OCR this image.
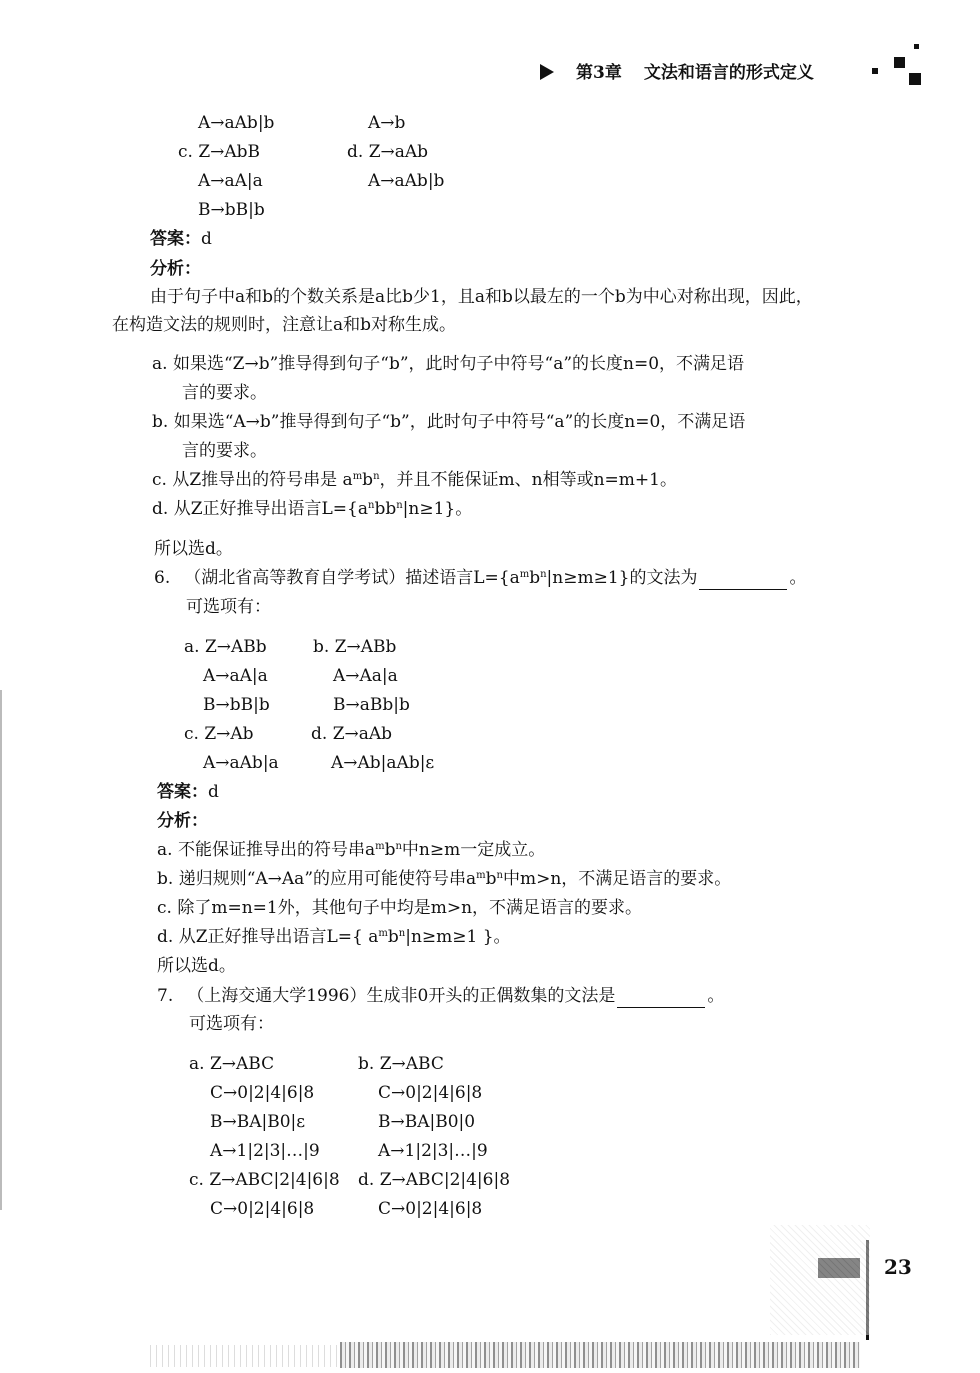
第3章 文法和语言的形式定义
A→aAb|b	A→b
c. Z→AbB	d. Z→aAb
A→aA|a	A→aAb|b
B→bB|b
答案：d
分析：
由于句子中a和b的个数关系是a比b少1，且a和b以最左的一个b为中心对称出现，因此，
在构造文法的规则时，注意让a和b对称生成。
a. 如果选“Z→b”推导得到句子“b”，此时句子中符号“a”的长度n=0，不满足语
言的要求。
b. 如果选“A→b”推导得到句子“b”，此时句子中符号“a”的长度n=0，不满足语
言的要求。
c. 从Z推导出的符号串是 $a^mb^n$，并且不能保证m、n相等或n=m+1。
d. 从Z正好推导出语言$L=\{a^nbb^n|n\ge 1\}$。
所以选d。
6. （湖北省高等教育自学考试）描述语言$L=\{a^mb^n|n\ge m\ge 1\}$的文法为	。
可选项有：
a. Z→ABb	b. Z→ABb
A→aA|a	A→Aa|a
B→bB|b	B→aBb|b
c. Z→Ab	d. Z→aAb
A→aAb|a	A→Ab|aAb|ε
答案：d
分析：
a. 不能保证推导出的符号串$a^mb^n$中n≥m一定成立。
b. 递归规则“A→Aa”的应用可能使符号串$a^mb^n$中m>n，不满足语言的要求。
c. 除了m=n=1外，其他句子中均是m>n，不满足语言的要求。
d. 从Z正好推导出语言L={ $a^mb^n|n\ge m\ge 1$ }。
所以选d。
7. （上海交通大学1996）生成非0开头的正偶数集的文法是	。
可选项有：
a. Z→ABC	b. Z→ABC
C→0|2|4|6|8	C→0|2|4|6|8
B→BA|B0|ε	B→BA|B0|0
A→1|2|3|…|9	A→1|2|3|…|9
c. Z→ABC|2|4|6|8 d. Z→ABC|2|4|6|8
C→0|2|4|6|8	C→0|2|4|6|8
23
